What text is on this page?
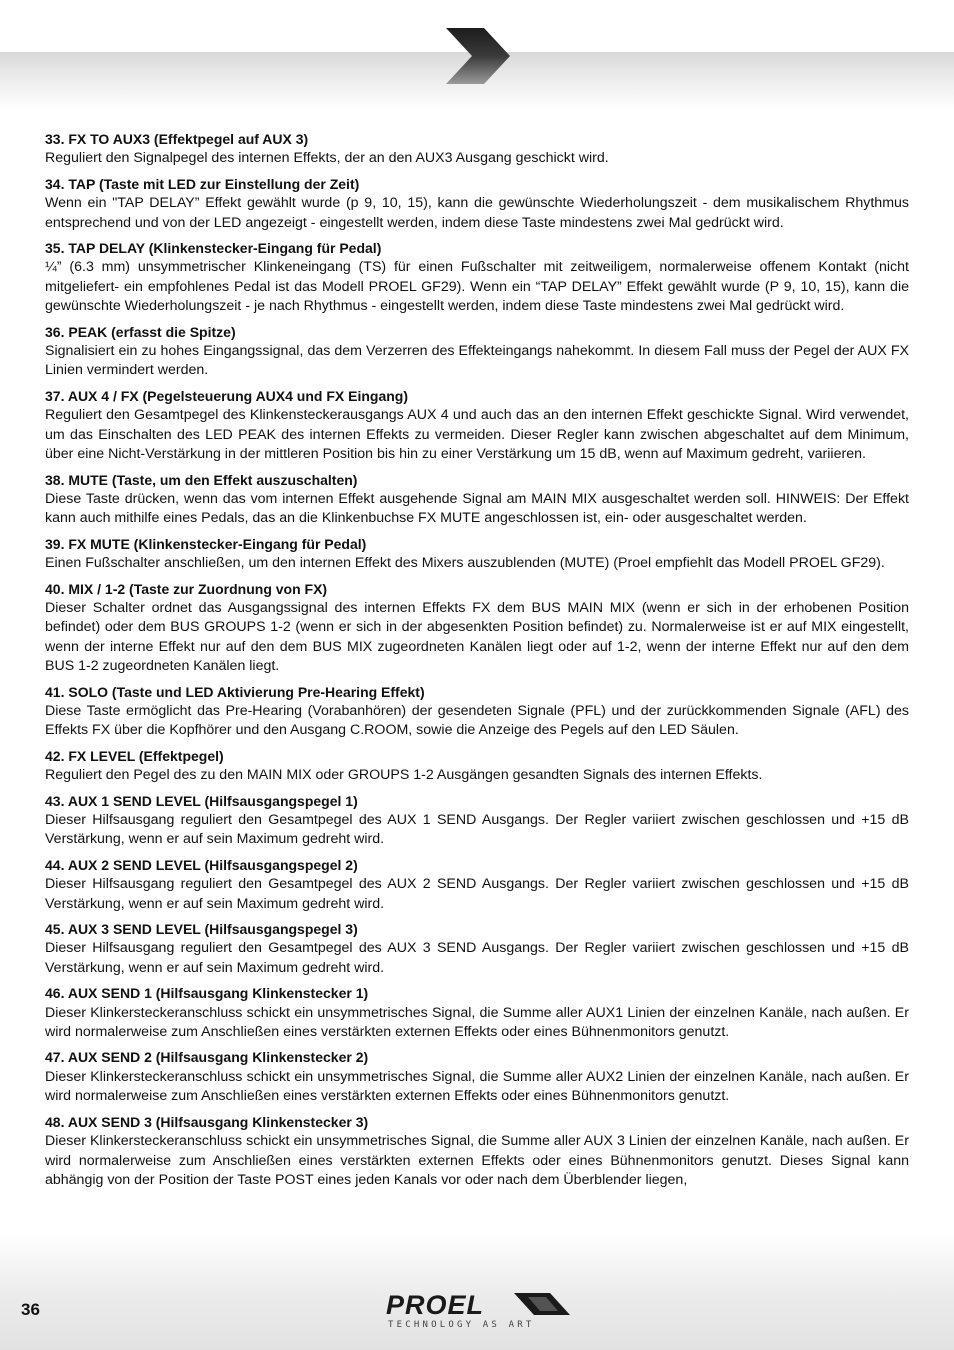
33. FX TO AUX3 (Effektpegel auf AUX 3)

Reguliert den Signalpegel des internen Effekts, der an den AUX3 Ausgang geschickt wird.

34. TAP (Taste mit LED zur Einstellung der Zeit)

Wenn ein "TAP DELAY” Effekt gewählt wurde (p 9, 10, 15), kann die gewünschte Wiederholungszeit - dem musikalischem Rhythmus entsprechend und von der LED angezeigt - eingestellt werden, indem diese Taste mindestens zwei Mal gedrückt wird.

35. TAP DELAY (Klinkenstecker-Eingang für Pedal)

¼” (6.3 mm) unsymmetrischer Klinkeneingang (TS) für einen Fußschalter mit zeitweiligem, normalerweise offenem Kontakt (nicht mitgeliefert- ein empfohlenes Pedal ist das Modell PROEL GF29). Wenn ein “TAP DELAY” Effekt gewählt wurde (P 9, 10, 15), kann die gewünschte Wiederholungszeit - je nach Rhythmus - eingestellt werden, indem diese Taste mindestens zwei Mal gedrückt wird.

36. PEAK (erfasst die Spitze)

Signalisiert ein zu hohes Eingangssignal, das dem Verzerren des Effekteingangs nahekommt. In diesem Fall muss der Pegel der AUX FX Linien vermindert werden.

37. AUX 4 / FX (Pegelsteuerung AUX4 und FX Eingang)

Reguliert den Gesamtpegel des Klinkensteckerausgangs AUX 4 und auch das an den internen Effekt geschickte Signal. Wird verwendet, um das Einschalten des LED PEAK des internen Effekts zu vermeiden. Dieser Regler kann zwischen abgeschaltet auf dem Minimum, über eine Nicht-Verstärkung in der mittleren Position bis hin zu einer Verstärkung um 15 dB, wenn auf Maximum gedreht, variieren.

38. MUTE (Taste, um den Effekt auszuschalten)

Diese Taste drücken, wenn das vom internen Effekt ausgehende Signal am MAIN MIX ausgeschaltet werden soll. HINWEIS: Der Effekt kann auch mithilfe eines Pedals, das an die Klinkenbuchse FX MUTE angeschlossen ist, ein- oder ausgeschaltet werden.

39. FX MUTE (Klinkenstecker-Eingang für Pedal)

Einen Fußschalter anschließen, um den internen Effekt des Mixers auszublenden (MUTE) (Proel empfiehlt das Modell PROEL GF29).

40. MIX / 1-2 (Taste zur Zuordnung von FX)

Dieser Schalter ordnet das Ausgangssignal des internen Effekts FX dem BUS MAIN MIX (wenn er sich in der erhobenen Position befindet) oder dem BUS GROUPS 1-2 (wenn er sich in der abgesenkten Position befindet) zu. Normalerweise ist er auf MIX eingestellt, wenn der interne Effekt nur auf den dem BUS MIX zugeordneten Kanälen liegt oder auf 1-2, wenn der interne Effekt nur auf den dem BUS 1-2 zugeordneten Kanälen liegt.

41. SOLO (Taste und LED Aktivierung Pre-Hearing Effekt)

Diese Taste ermöglicht das Pre-Hearing (Vorabanhören) der gesendeten Signale (PFL) und der zurückkommenden Signale (AFL) des Effekts FX über die Kopfhörer und den Ausgang C.ROOM, sowie die Anzeige des Pegels auf den LED Säulen.

42. FX LEVEL (Effektpegel)

Reguliert den Pegel des zu den MAIN MIX oder GROUPS 1-2 Ausgängen gesandten Signals des internen Effekts.

43. AUX 1 SEND LEVEL (Hilfsausgangspegel 1)

Dieser Hilfsausgang reguliert den Gesamtpegel des AUX 1 SEND Ausgangs. Der Regler variiert zwischen geschlossen und +15 dB Verstärkung, wenn er auf sein Maximum gedreht wird.

44. AUX 2 SEND LEVEL (Hilfsausgangspegel 2)

Dieser Hilfsausgang reguliert den Gesamtpegel des AUX 2 SEND Ausgangs. Der Regler variiert zwischen geschlossen und +15 dB Verstärkung, wenn er auf sein Maximum gedreht wird.

45. AUX 3 SEND LEVEL (Hilfsausgangspegel 3)

Dieser Hilfsausgang reguliert den Gesamtpegel des AUX 3 SEND Ausgangs. Der Regler variiert zwischen geschlossen und +15 dB Verstärkung, wenn er auf sein Maximum gedreht wird.

46. AUX SEND 1 (Hilfsausgang Klinkenstecker 1)

Dieser Klinkersteckeranschluss schickt ein unsymmetrisches Signal, die Summe aller AUX1 Linien der einzelnen Kanäle, nach außen. Er wird normalerweise zum Anschließen eines verstärkten externen Effekts oder eines Bühnenmonitors genutzt.

47. AUX SEND 2 (Hilfsausgang Klinkenstecker 2)

Dieser Klinkersteckeranschluss schickt ein unsymmetrisches Signal, die Summe aller AUX2 Linien der einzelnen Kanäle, nach außen. Er wird normalerweise zum Anschließen eines verstärkten externen Effekts oder eines Bühnenmonitors genutzt.

48. AUX SEND 3 (Hilfsausgang Klinkenstecker 3)

Dieser Klinkersteckeranschluss schickt ein unsymmetrisches Signal, die Summe aller AUX 3 Linien der einzelnen Kanäle, nach außen. Er wird normalerweise zum Anschließen eines verstärkten externen Effekts oder eines Bühnenmonitors genutzt. Dieses Signal kann abhängig von der Position der Taste POST eines jeden Kanals vor oder nach dem Überblender liegen,

36	PROEL
TECHNOLOGY AS ART
